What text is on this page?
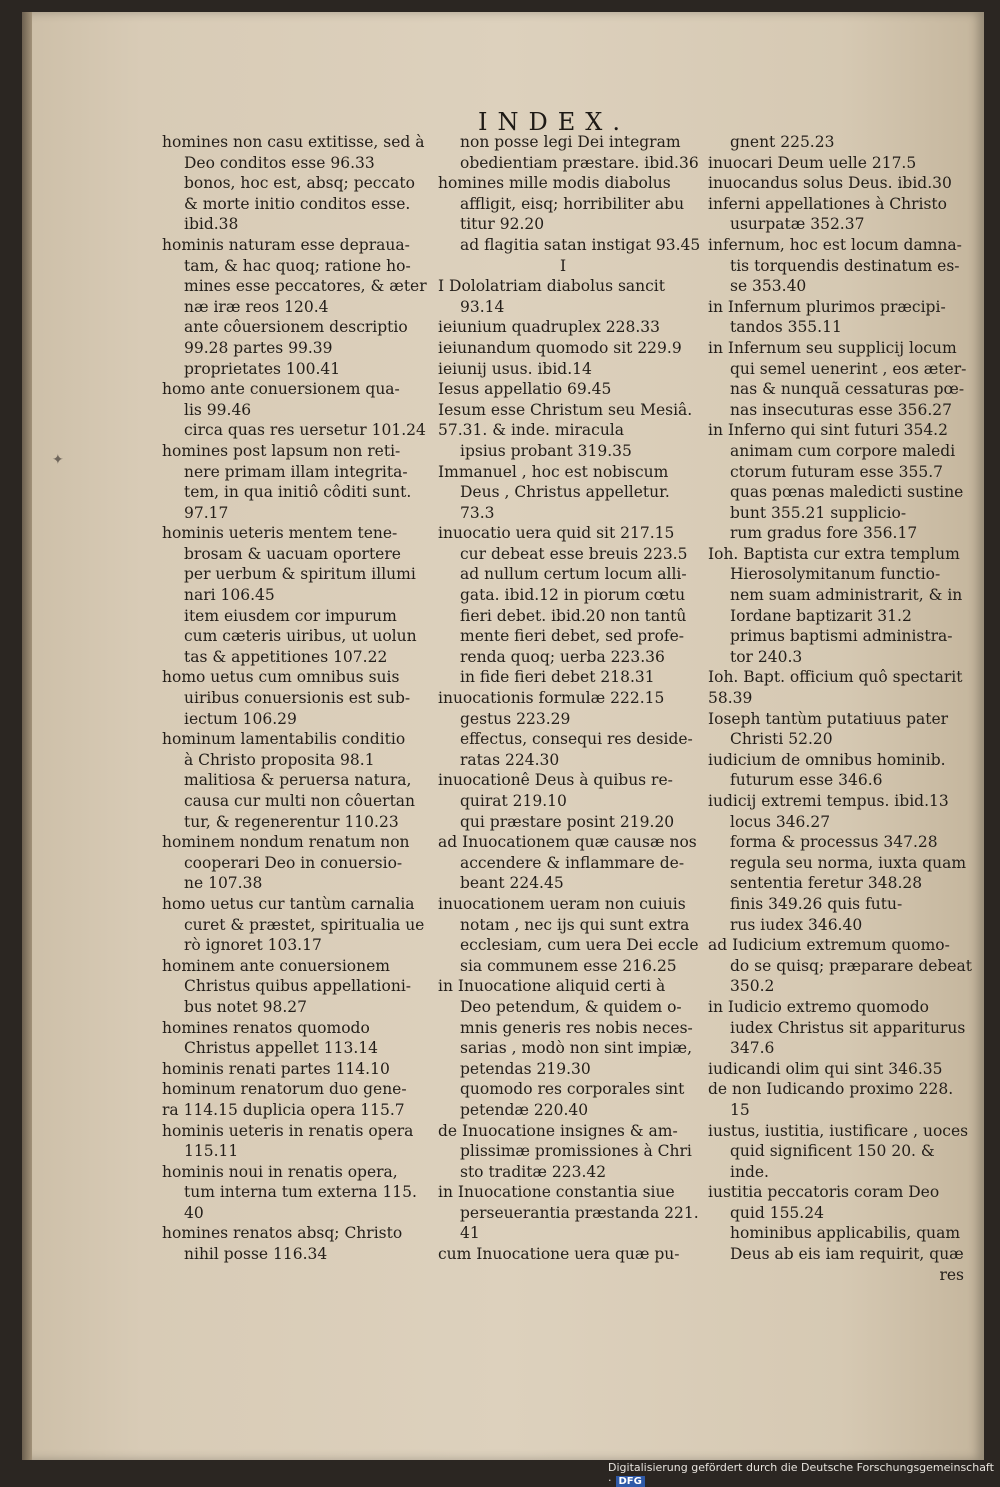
✦
INDEX.
homines non casu extitisse, sed à
Deo conditos esse 96.33
bonos, hoc est, absq; peccato
& morte initio conditos esse.
ibid.38
hominis naturam esse deprauа-
tam, & hac quoq; ratione ho-
mines esse peccatores, & æter
næ iræ reos 120.4
ante côuersionem descriptio
99.28 partes 99.39
proprietates 100.41
homo ante conuersionem qua-
lis 99.46
circa quas res uersetur 101.24
homines post lapsum non reti-
nere primam illam integrita-
tem, in qua initiô côditi sunt.
97.17
hominis ueteris mentem tene-
brosam & uacuam oportere
per uerbum & spiritum illumi
nari 106.45
item eiusdem cor impurum
cum cæteris uiribus, ut uolun
tas & appetitiones 107.22
homo uetus cum omnibus suis
uiribus conuersionis est sub-
iectum 106.29
hominum lamentabilis conditio
à Christo proposita 98.1
malitiosa & peruersa natura,
causa cur multi non côuertan
tur, & regenerentur 110.23
hominem nondum renatum non
cooperari Deo in conuersio-
ne 107.38
homo uetus cur tantùm carnalia
curet & præstet, spiritualia ue
rò ignoret 103.17
hominem ante conuersionem
Christus quibus appellationi-
bus notet 98.27
homines renatos quomodo
Christus appellet 113.14
hominis renati partes 114.10
hominum renatorum duo gene-
ra 114.15 duplicia opera 115.7
hominis ueteris in renatis opera
115.11
hominis noui in renatis opera,
tum interna tum externa 115.
40
homines renatos absq; Christo
nihil posse 116.34
non posse legi Dei integram
obedientiam præstare. ibid.36
homines mille modis diabolus
affligit, eisq; horribiliter abu
titur 92.20
ad flagitia satan instigat 93.45
I
I Dololatriam diabolus sancit
93.14
ieiunium quadruplex 228.33
ieiunandum quomodo sit 229.9
ieiunij usus. ibid.14
Iesus appellatio 69.45
Iesum esse Christum seu Mesiâ.
57.31. & inde. miracula
ipsius probant 319.35
Immanuel , hoc est nobiscum
Deus , Christus appelletur.
73.3
inuocatio uera quid sit 217.15
cur debeat esse breuis 223.5
ad nullum certum locum alli-
gata. ibid.12 in piorum cœtu
fieri debet. ibid.20 non tantû
mente fieri debet, sed profe-
renda quoq; uerba 223.36
in fide fieri debet 218.31
inuocationis formulæ 222.15
gestus 223.29
effectus, consequi res deside-
ratas 224.30
inuocationê Deus à quibus re-
quirat 219.10
qui præstare posint 219.20
ad Inuocationem quæ causæ nos
accendere & inflammare de-
beant 224.45
inuocationem ueram non cuiuis
notam , nec ijs qui sunt extra
ecclesiam, cum uera Dei eccle
sia communem esse 216.25
in Inuocatione aliquid certi à
Deo petendum, & quidem o-
mnis generis res nobis neces-
sarias , modò non sint impiæ,
petendas 219.30
quomodo res corporales sint
petendæ 220.40
de Inuocatione insignes & am-
plissimæ promissiones à Chri
sto traditæ 223.42
in Inuocatione constantia siue
perseuerantia præstanda 221.
41
cum Inuocatione uera quæ pu-
gnent 225.23
inuocari Deum uelle 217.5
inuocandus solus Deus. ibid.30
inferni appellationes à Christo
usurpatæ 352.37
infernum, hoc est locum damna-
tis torquendis destinatum es-
se 353.40
in Infernum plurimos præcipi-
tandos 355.11
in Infernum seu supplicij locum
qui semel uenerint , eos æter-
nas & nunquã cessaturas pœ-
nas insecuturas esse 356.27
in Inferno qui sint futuri 354.2
animam cum corpore maledi
ctorum futuram esse 355.7
quas pœnas maledicti sustine
bunt 355.21 supplicio-
rum gradus fore 356.17
Ioh. Baptista cur extra templum
Hierosolymitanum functio-
nem suam administrarit, & in
Iordane baptizarit 31.2
primus baptismi administra-
tor 240.3
Ioh. Bapt. officium quô spectarit
58.39
Ioseph tantùm putatiuus pater
Christi 52.20
iudicium de omnibus hominib.
futurum esse 346.6
iudicij extremi tempus. ibid.13
locus 346.27
forma & processus 347.28
regula seu norma, iuxta quam
sententia feretur 348.28
finis 349.26 quis futu-
rus iudex 346.40
ad Iudicium extremum quomo-
do se quisq; præparare debeat
350.2
in Iudicio extremo quomodo
iudex Christus sit appariturus
347.6
iudicandi olim qui sint 346.35
de non Iudicando proximo 228.
15
iustus, iustitia, iustificare , uoces
quid significent 150 20. &
inde.
iustitia peccatoris coram Deo
quid 155.24
hominibus applicabilis, quam
Deus ab eis iam requirit, quæ
res
Digitalisierung gefördert durch die Deutsche Forschungsgemeinschaft · DFG
